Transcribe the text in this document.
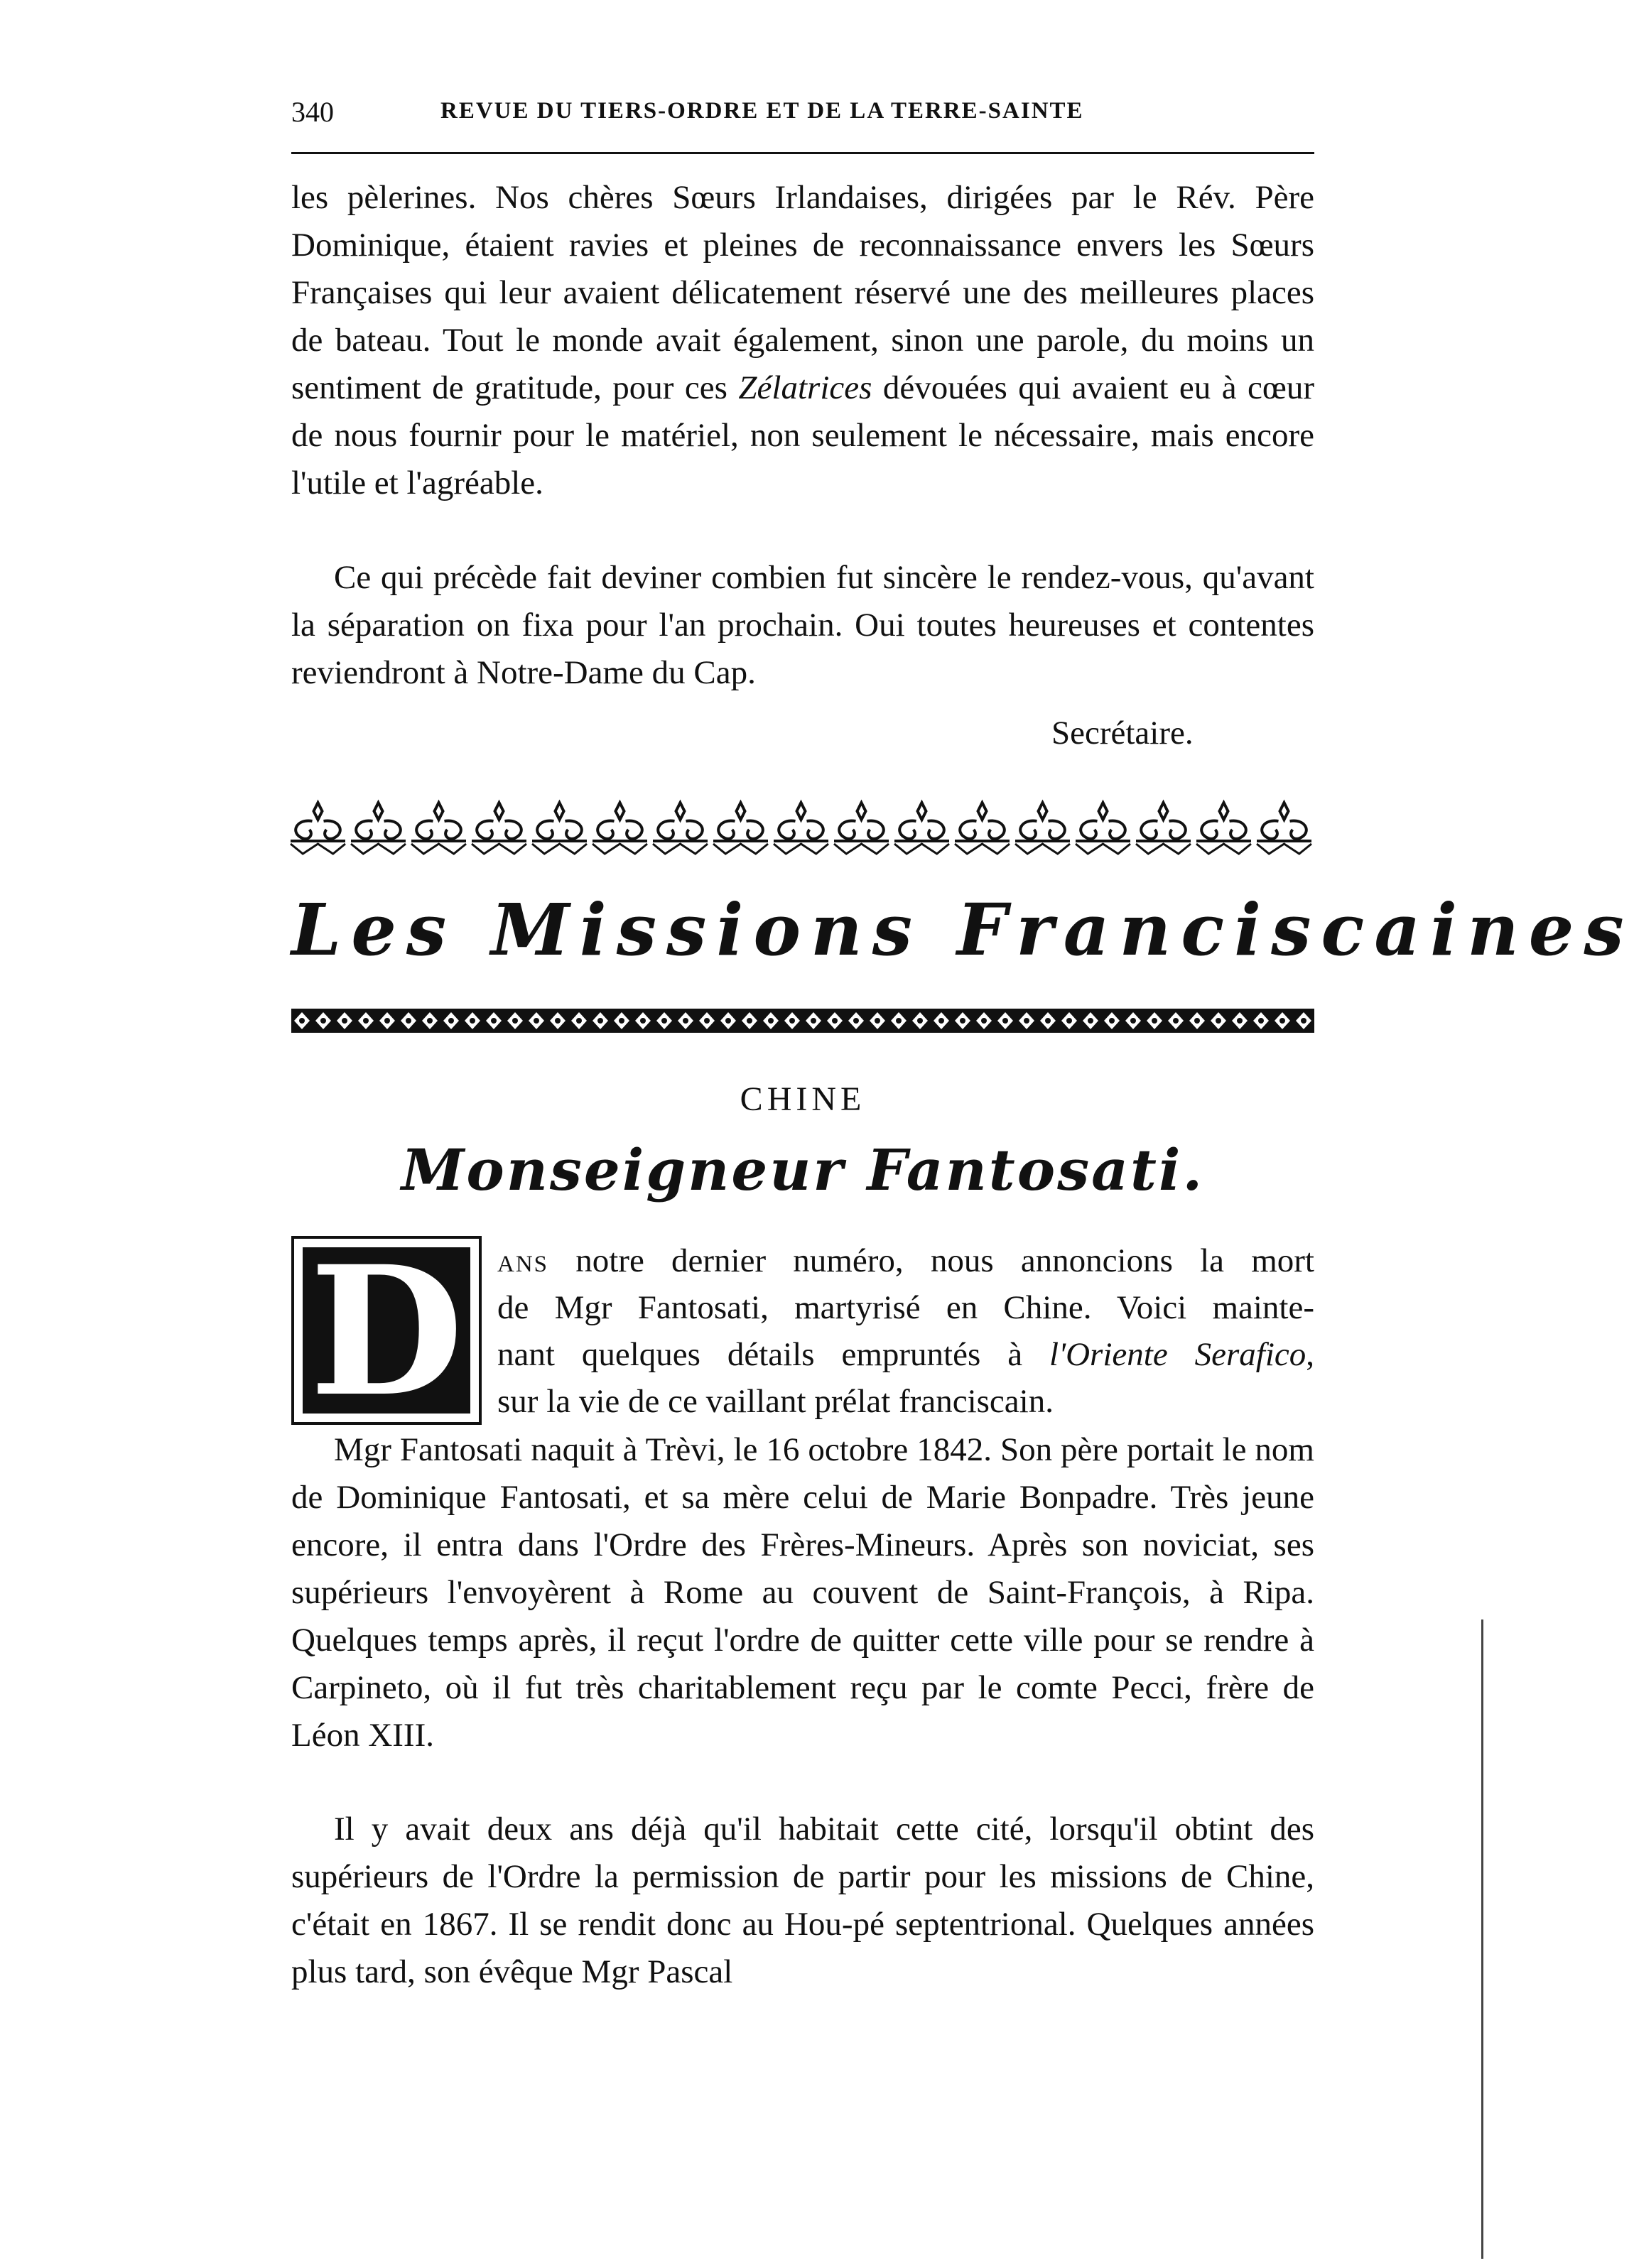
340	REVUE DU TIERS-ORDRE ET DE LA TERRE-SAINTE
les pèlerines. Nos chères Sœurs Irlandaises, dirigées par le Rév. Père Dominique, étaient ravies et pleines de reconnaissance envers les Sœurs Françaises qui leur avaient délicatement réservé une des meilleures places de bateau. Tout le monde avait également, sinon une parole, du moins un sentiment de gratitude, pour ces Zélatrices dévouées qui avaient eu à cœur de nous fournir pour le matériel, non seulement le nécessaire, mais encore l'utile et l'agréable.
Ce qui précède fait deviner combien fut sincère le rendez-vous, qu'avant la séparation on fixa pour l'an prochain. Oui toutes heureuses et contentes reviendront à Notre-Dame du Cap.
Secrétaire.
Les Missions Franciscaines
CHINE
Monseigneur Fantosati.
D ans notre dernier numéro, nous annoncions la mort
de Mgr Fantosati, martyrisé en Chine. Voici mainte-
nant quelques détails empruntés à l'Oriente Serafico,
sur la vie de ce vaillant prélat franciscain.
Mgr Fantosati naquit à Trèvi, le 16 octobre 1842. Son père portait le nom de Dominique Fantosati, et sa mère celui de Marie Bonpadre. Très jeune encore, il entra dans l'Ordre des Frères-Mineurs. Après son noviciat, ses supérieurs l'envoyèrent à Rome au couvent de Saint-François, à Ripa. Quelques temps après, il reçut l'ordre de quitter cette ville pour se rendre à Carpineto, où il fut très charitablement reçu par le comte Pecci, frère de Léon XIII.
Il y avait deux ans déjà qu'il habitait cette cité, lorsqu'il obtint des supérieurs de l'Ordre la permission de partir pour les missions de Chine, c'était en 1867. Il se rendit donc au Hou-pé septentrional. Quelques années plus tard, son évêque Mgr Pascal
